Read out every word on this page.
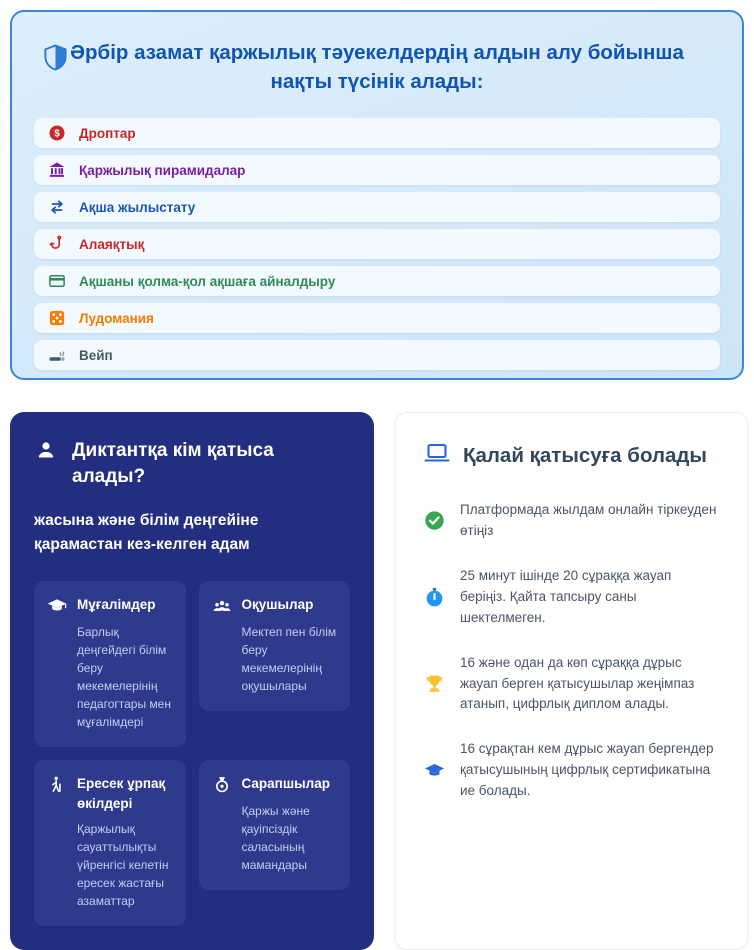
Әрбір азамат қаржылық тәуекелдердің алдын алу бойынша нақты түсінік алады:
$ Дроптар
Қаржылық пирамидалар
Ақша жылыстату
Алаяқтық
Ақшаны қолма-қол ақшаға айналдыру
Лудомания
Вейп
Диктантқа кім қатыса алады?

жасына және білім деңгейіне қарамастан кез-келген адам

Мұғалімдер

Барлық деңгейдегі білім беру мекемелерінің педагогтары мен мұғалімдері

Оқушылар

Мектеп пен білім беру мекемелерінің оқушылары

Ересек ұрпақ өкілдері

Қаржылық сауаттылықты үйренгісі келетін ересек жастағы азаматтар

Сарапшылар

Қаржы және қауіпсіздік саласының мамандары

Қалай қатысуға болады

Платформада жылдам онлайн тіркеуден өтіңіз

25 минут ішінде 20 сұраққа жауап беріңіз. Қайта тапсыру саны шектелмеген.

16 және одан да көп сұраққа дұрыс жауап берген қатысушылар жеңімпаз атанып, цифрлық диплом алады.

16 сұрақтан кем дұрыс жауап бергендер қатысушының цифрлық сертификатына ие болады.
